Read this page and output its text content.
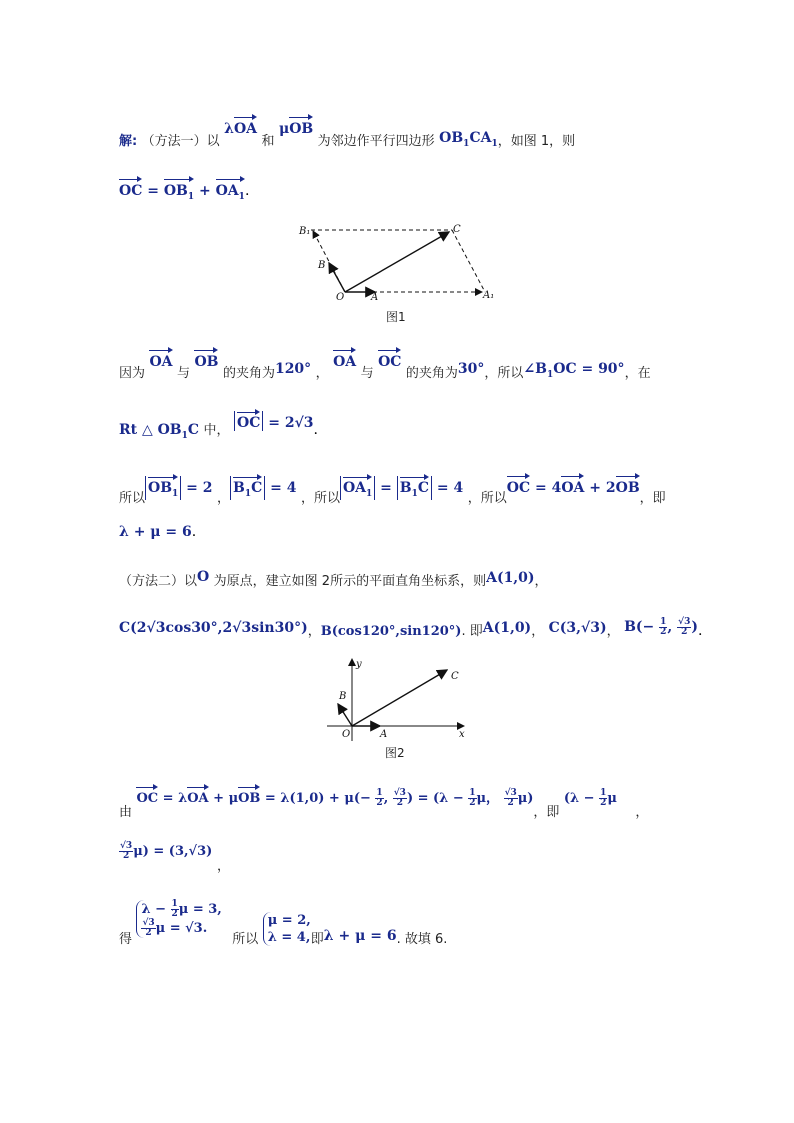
解: （方法一）以 λOA 和 μOB 为邻边作平行四边形 $OB_1CA_1$，如图 1，则
OC = $OB_1 + OA_1$.
B₁	C
B
O	A	A₁
图1
因为 OA 与 OB 的夹角为120° ， OA 与 OC 的夹角为30°，所以$\angle B_1OC = 90^\circ$，在
Rt △ $OB_1C$ 中， OC = 2√3.
所以$OB_1 = 2$ ，$B_1C = 4$ ，所以$OA_1 = B_1C = 4$ ，所以OC = 4OA + 2OB，即
λ + μ = 6.
（方法二）以O 为原点，建立如图 2所示的平面直角坐标系，则A(1,0)，
C(2√3cos30°,2√3sin30°)，B(cos120°,sin120°). 即A(1,0)， C(3,√3)， $B(- \frac{1}{2}$ , $\frac{√3}{2}$ ).
y
B
C
O	A	x
图2
由 OC = $\lambda OA + \mu OB = \lambda(1,0) + \mu(- \frac{1}{2}$ , $\frac{√3}{2}$ ) = ($\lambda - \frac{1}{2}$ μ， $\frac{√3}{2} \mu$)，即 ($\lambda - \frac{1}{2}$ μ ，
$\frac{√3}{2} \mu) = (3,√3)$
，
得
$\lambda - \frac{1}{2}$ μ = 3,
$\frac{√3}{2}$ μ = √3.
所以
μ = 2,
λ = 4, 即λ + μ = 6. 故填 6.
